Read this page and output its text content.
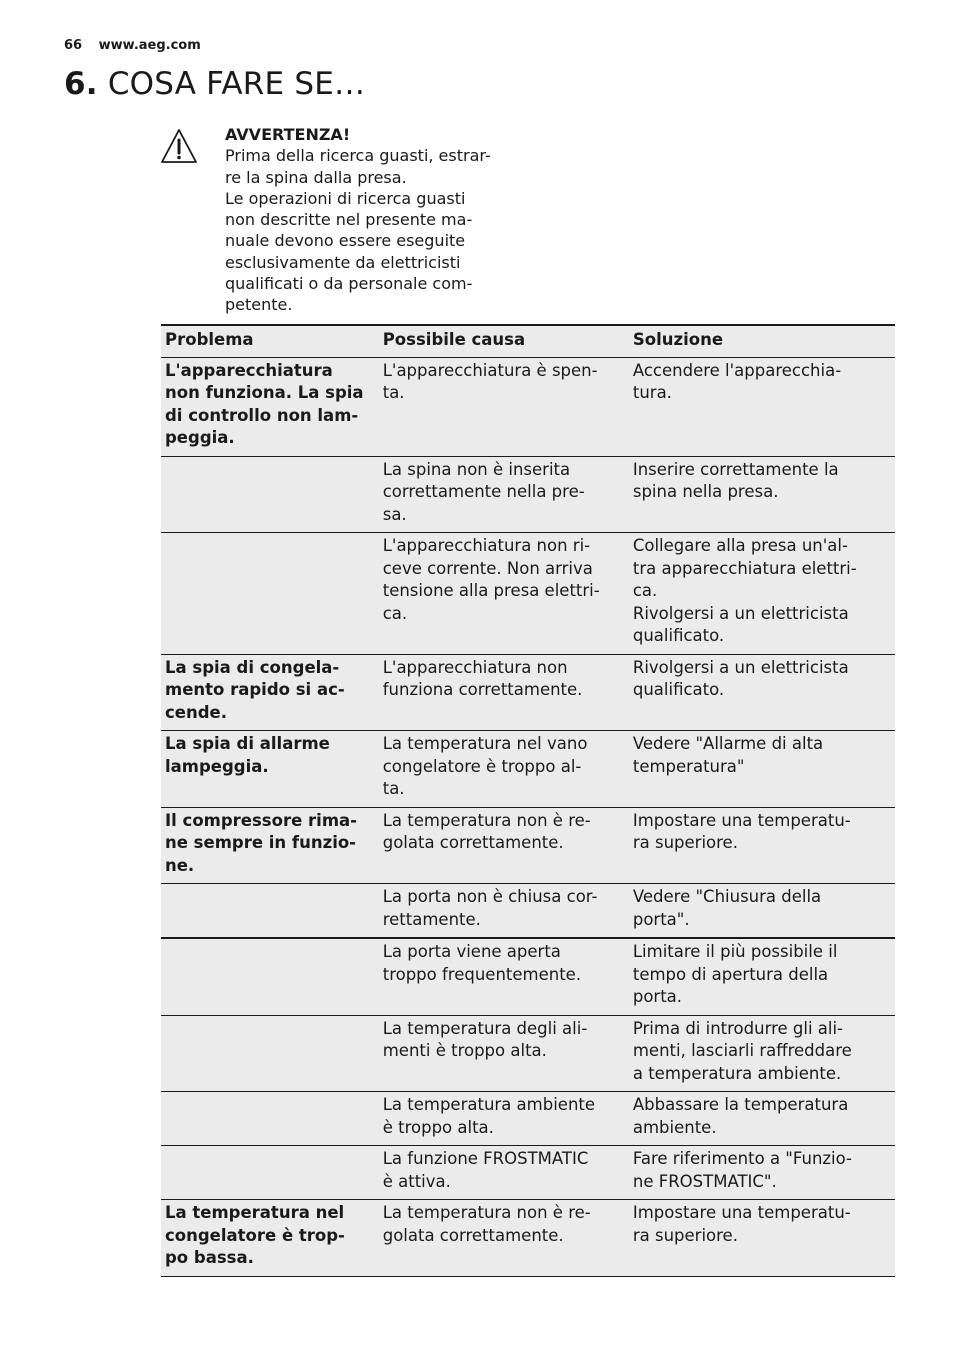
66 www.aeg.com
6. COSA FARE SE…
AVVERTENZA!
Prima della ricerca guasti, estrar-
re la spina dalla presa.
Le operazioni di ricerca guasti
non descritte nel presente ma-
nuale devono essere eseguite
esclusivamente da elettricisti
qualificati o da personale com-
petente.
Problema	Possibile causa	Soluzione

L'apparecchiatura
non funziona. La spia
di controllo non lam-
peggia.	L'apparecchiatura è spen-
ta.	Accendere l'apparecchia-
tura.

	La spina non è inserita
correttamente nella pre-
sa.	Inserire correttamente la
spina nella presa.

	L'apparecchiatura non ri-
ceve corrente. Non arriva
tensione alla presa elettri-
ca.	Collegare alla presa un'al-
tra apparecchiatura elettri-
ca.
Rivolgersi a un elettricista
qualificato.

La spia di congela-
mento rapido si ac-
cende.	L'apparecchiatura non
funziona correttamente.	Rivolgersi a un elettricista
qualificato.

La spia di allarme
lampeggia.	La temperatura nel vano
congelatore è troppo al-
ta.	Vedere "Allarme di alta
temperatura"

Il compressore rima-
ne sempre in funzio-
ne.	La temperatura non è re-
golata correttamente.	Impostare una temperatu-
ra superiore.

	La porta non è chiusa cor-
rettamente.	Vedere "Chiusura della
porta".

	La porta viene aperta
troppo frequentemente.	Limitare il più possibile il
tempo di apertura della
porta.

	La temperatura degli ali-
menti è troppo alta.	Prima di introdurre gli ali-
menti, lasciarli raffreddare
a temperatura ambiente.

	La temperatura ambiente
è troppo alta.	Abbassare la temperatura
ambiente.

	La funzione FROSTMATIC
è attiva.	Fare riferimento a "Funzio-
ne FROSTMATIC".

La temperatura nel
congelatore è trop-
po bassa.	La temperatura non è re-
golata correttamente.	Impostare una temperatu-
ra superiore.
